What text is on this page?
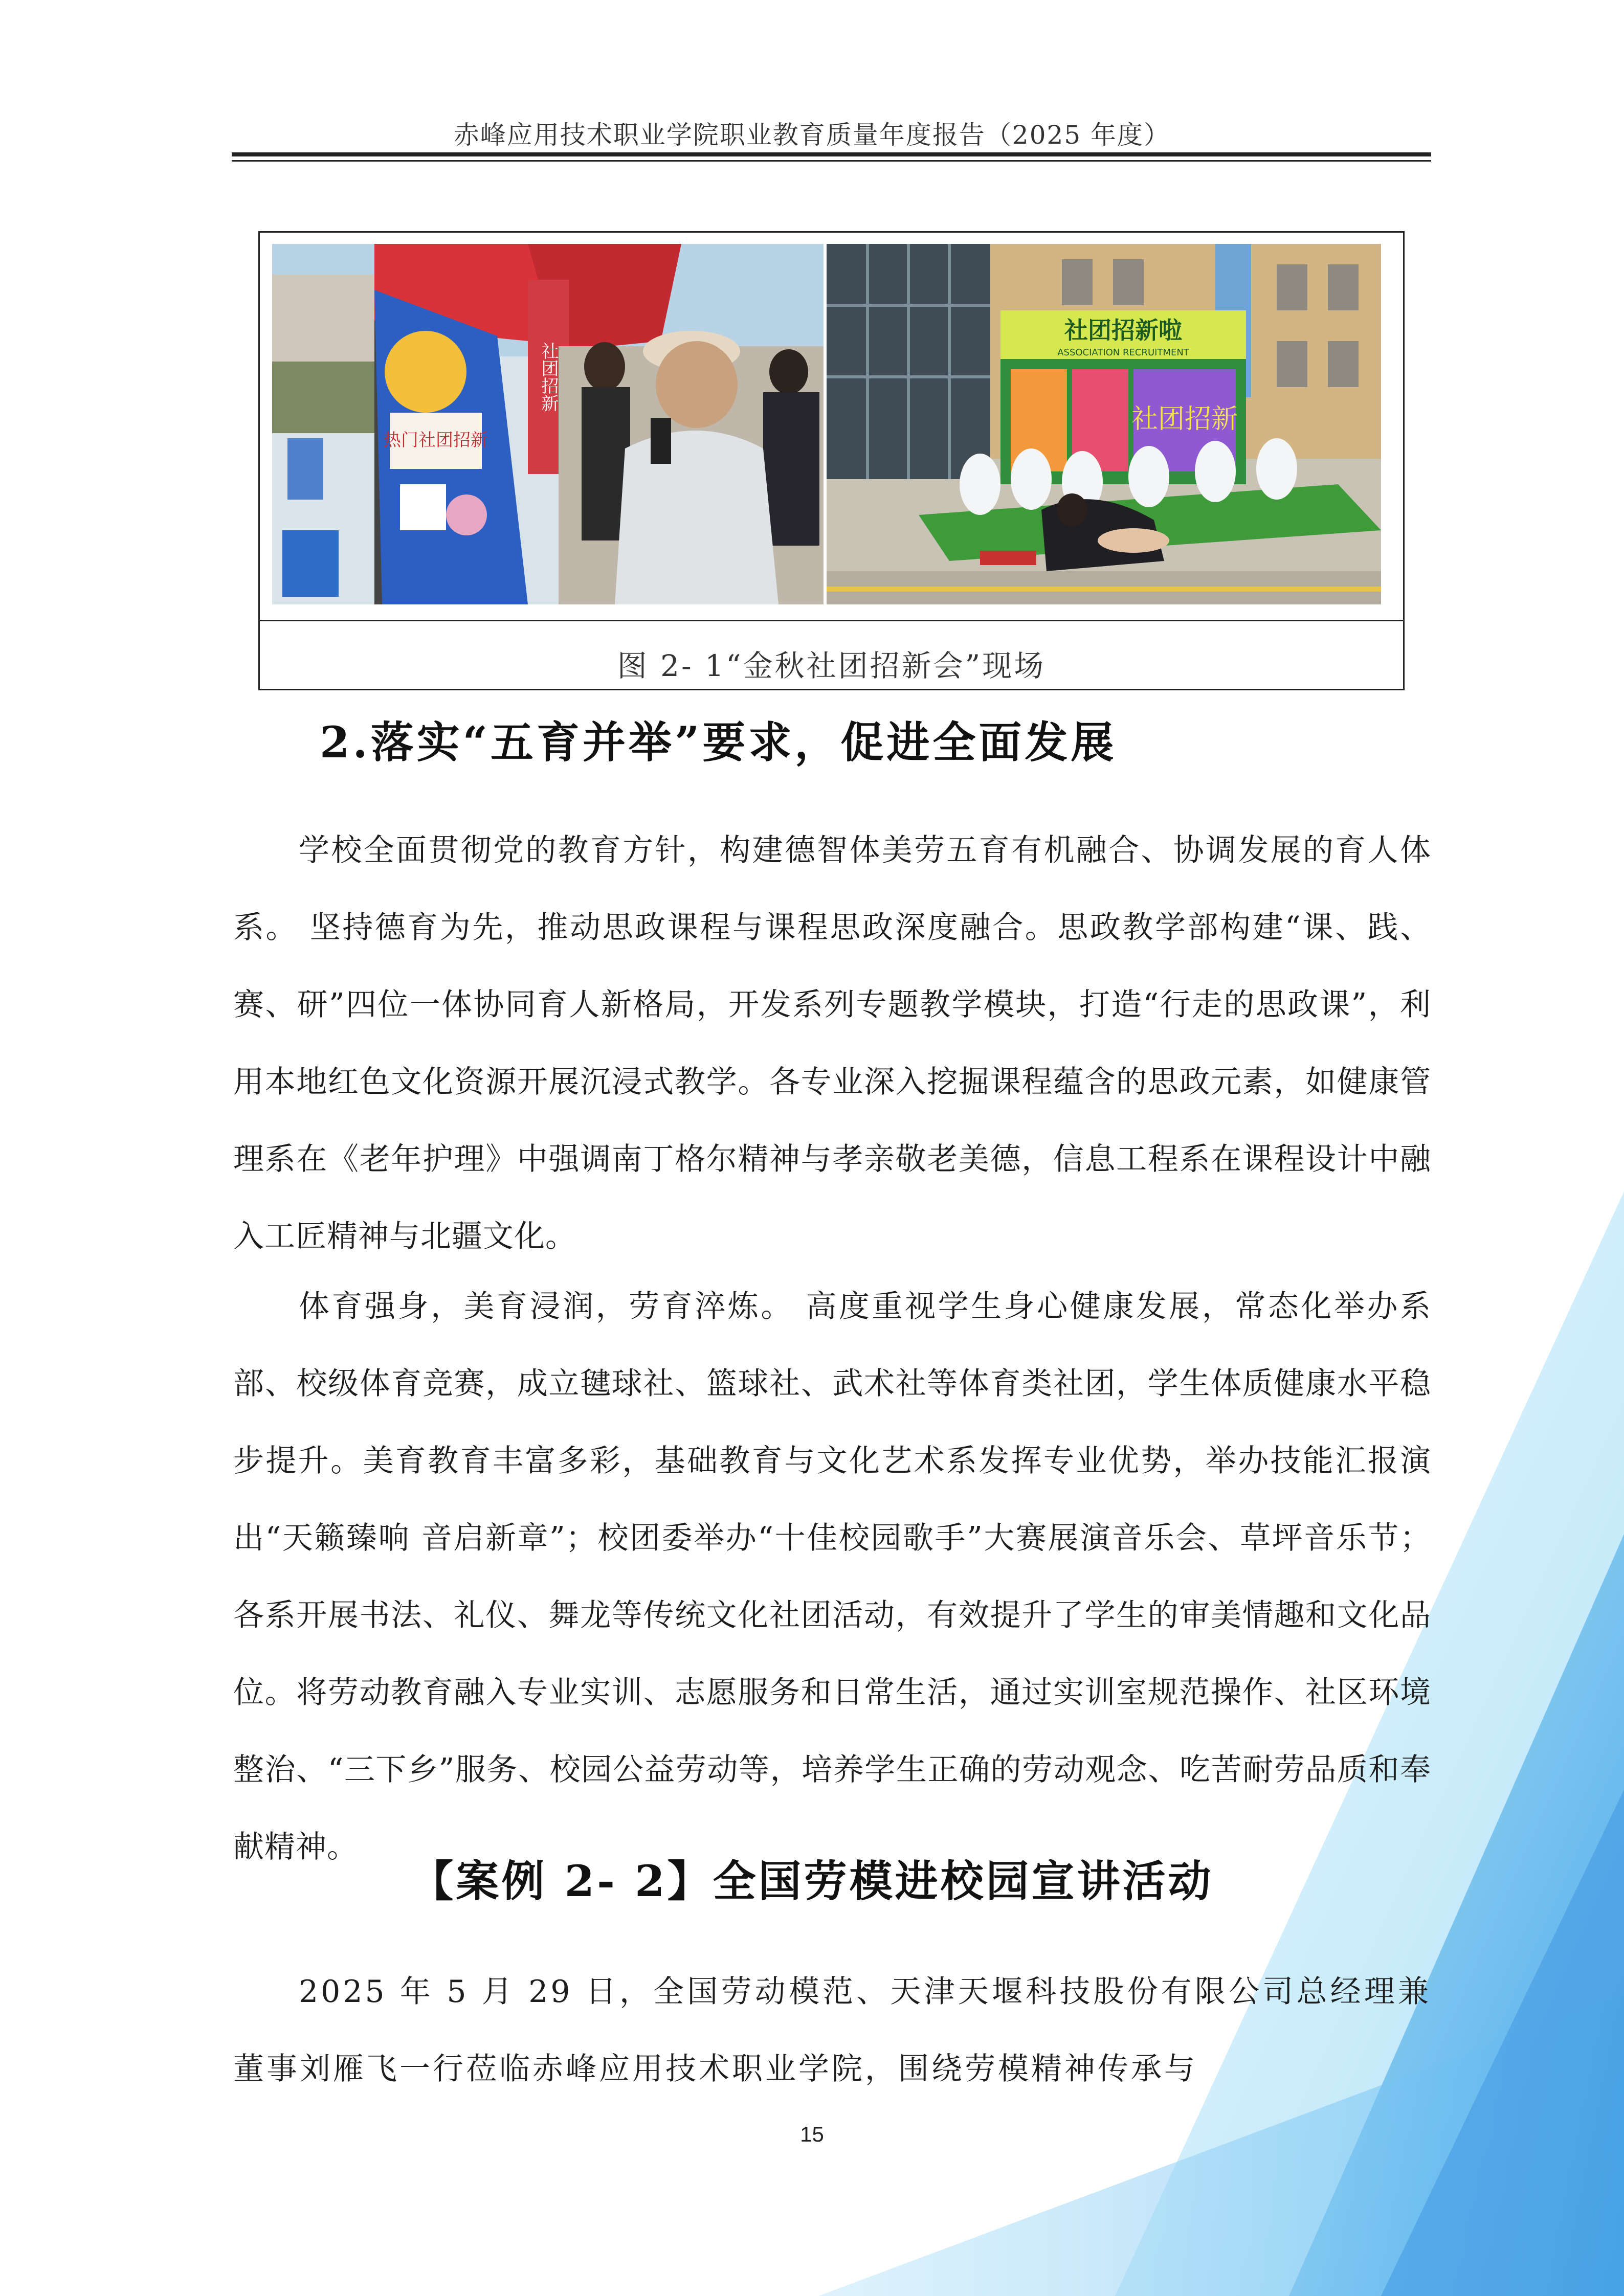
赤峰应用技术职业学院职业教育质量年度报告（2025 年度）
热门社团招新
社团招新
社团招新啦
ASSOCIATION RECRUITMENT
社团招新
图 2- 1“金秋社团招新会”现场
2.落实“五育并举”要求，促进全面发展

学校全面贯彻党的教育方针，构建德智体美劳五育有机融合、协调发展的育人体系。 坚持德育为先，推动思政课程与课程思政深度融合。思政教学部构建“课、践、赛、研”四位一体协同育人新格局，开发系列专题教学模块，打造“行走的思政课”，利用本地红色文化资源开展沉浸式教学。各专业深入挖掘课程蕴含的思政元素，如健康管理系在《老年护理》中强调南丁格尔精神与孝亲敬老美德，信息工程系在课程设计中融入工匠精神与北疆文化。

体育强身，美育浸润，劳育淬炼。 高度重视学生身心健康发展，常态化举办系部、校级体育竞赛，成立毽球社、篮球社、武术社等体育类社团，学生体质健康水平稳步提升。美育教育丰富多彩，基础教育与文化艺术系发挥专业优势，举办技能汇报演出“天籁臻响 音启新章”；校团委举办“十佳校园歌手”大赛展演音乐会、草坪音乐节；各系开展书法、礼仪、舞龙等传统文化社团活动，有效提升了学生的审美情趣和文化品位。将劳动教育融入专业实训、志愿服务和日常生活，通过实训室规范操作、社区环境整治、“三下乡”服务、校园公益劳动等，培养学生正确的劳动观念、吃苦耐劳品质和奉献精神。

【案例 2- 2】全国劳模进校园宣讲活动

2025 年 5 月 29 日，全国劳动模范、天津天堰科技股份有限公司总经理兼董事刘雁飞一行莅临赤峰应用技术职业学院，围绕劳模精神传承与

15
